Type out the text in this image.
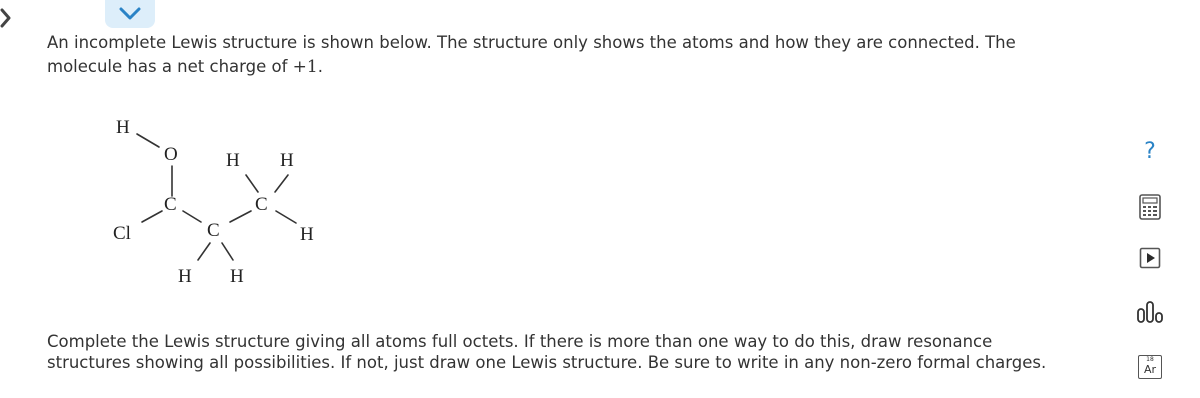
An incomplete Lewis structure is shown below. The structure only shows the atoms and how they are connected. The molecule has a net charge of +1.
H
O
C
Cl	C
H H
C
H H
H
Complete the Lewis structure giving all atoms full octets. If there is more than one way to do this, draw resonance structures showing all possibilities. If not, just draw one Lewis structure. Be sure to write in any non-zero formal charges.
?
18
Ar
